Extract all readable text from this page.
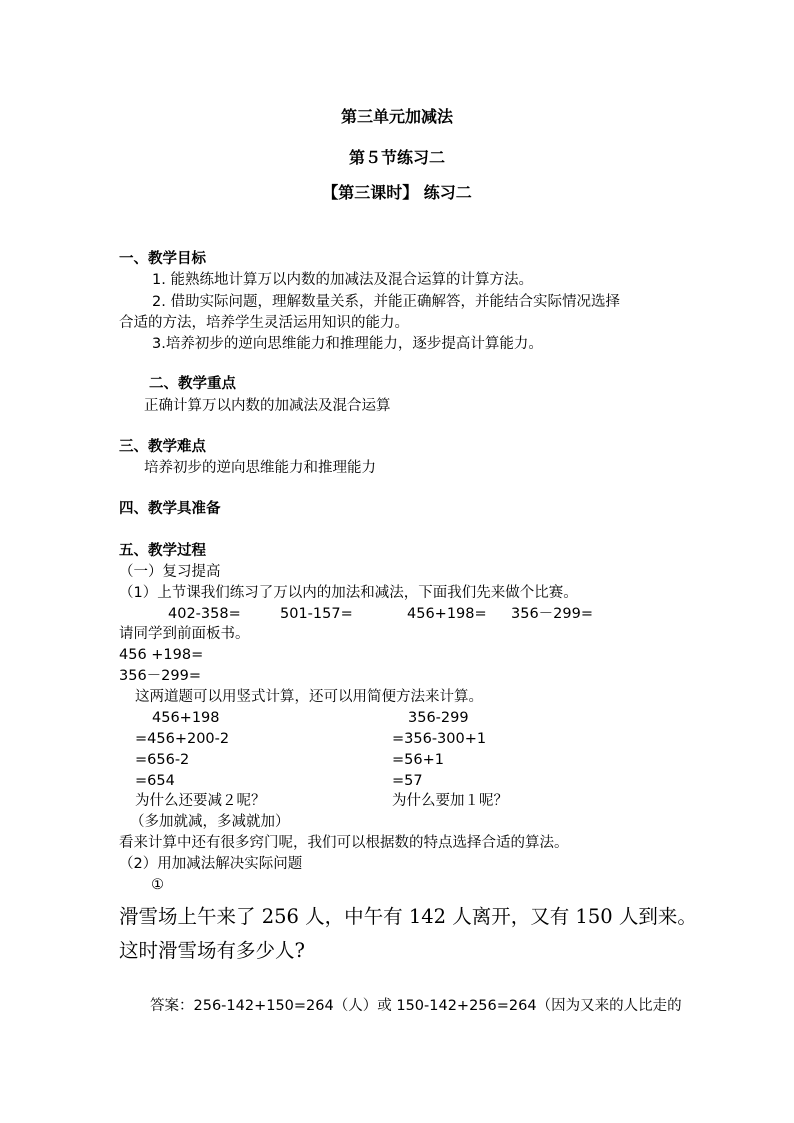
第三单元加减法
第５节练习二
【第三课时】 练习二
一、教学目标
1. 能熟练地计算万以内数的加减法及混合运算的计算方法。
2. 借助实际问题，理解数量关系，并能正确解答，并能结合实际情况选择
合适的方法，培养学生灵活运用知识的能力。
3.培养初步的逆向思维能力和推理能力，逐步提高计算能力。
二、教学重点
正确计算万以内数的加减法及混合运算
三、教学难点
培养初步的逆向思维能力和推理能力
四、教学具准备
五、教学过程
（一）复习提高
（1）上节课我们练习了万以内的加法和减法，下面我们先来做个比赛。
402-358=	501-157=	456+198= 356－299=
请同学到前面板书。
456 +198=
356－299=
这两道题可以用竖式计算，还可以用简便方法来计算。
456+198
=456+200-2
=656-2
=654
356-299
=356-300+1
=56+1
=57
为什么还要减２呢？	为什么要加１呢？
（多加就减，多减就加）
看来计算中还有很多窍门呢，我们可以根据数的特点选择合适的算法。
（2）用加减法解决实际问题
①
滑雪场上午来了 256 人，中午有 142 人离开，又有 150 人到来。
这时滑雪场有多少人?
答案：256-142+150=264（人）或 150-142+256=264（因为又来的人比走的
